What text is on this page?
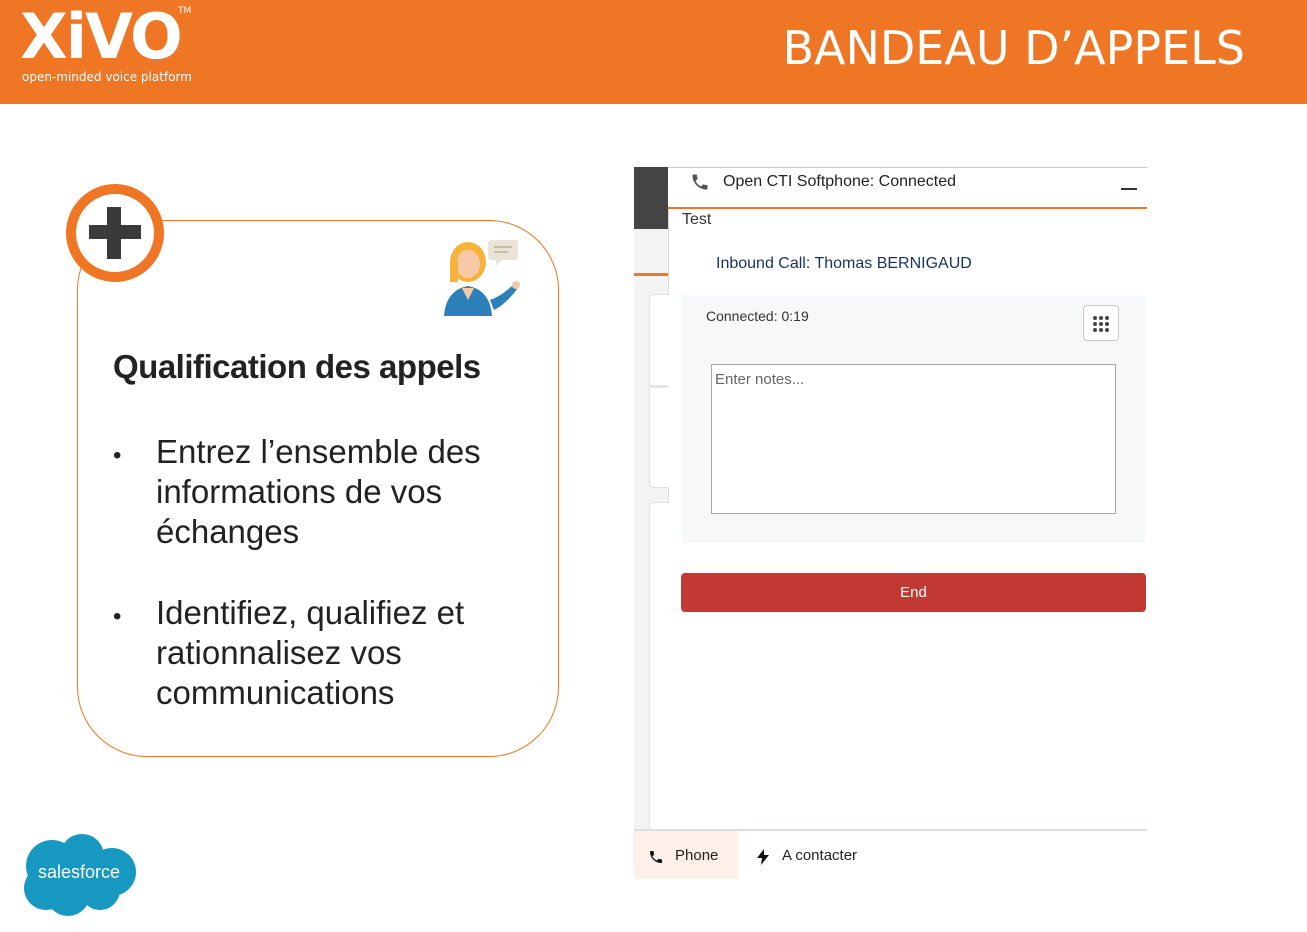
XiVO
TM
open-minded voice platform
BANDEAU D’APPELS
Qualification des appels
• Entrez l’ensemble des
informations de vos
échanges
• Identifiez, qualifiez et
rationnalisez vos
communications
salesforce
Open CTI Softphone: Connected
Test
Inbound Call: Thomas BERNIGAUD
Connected: 0:19
Enter notes...
End
Phone	A contacter
